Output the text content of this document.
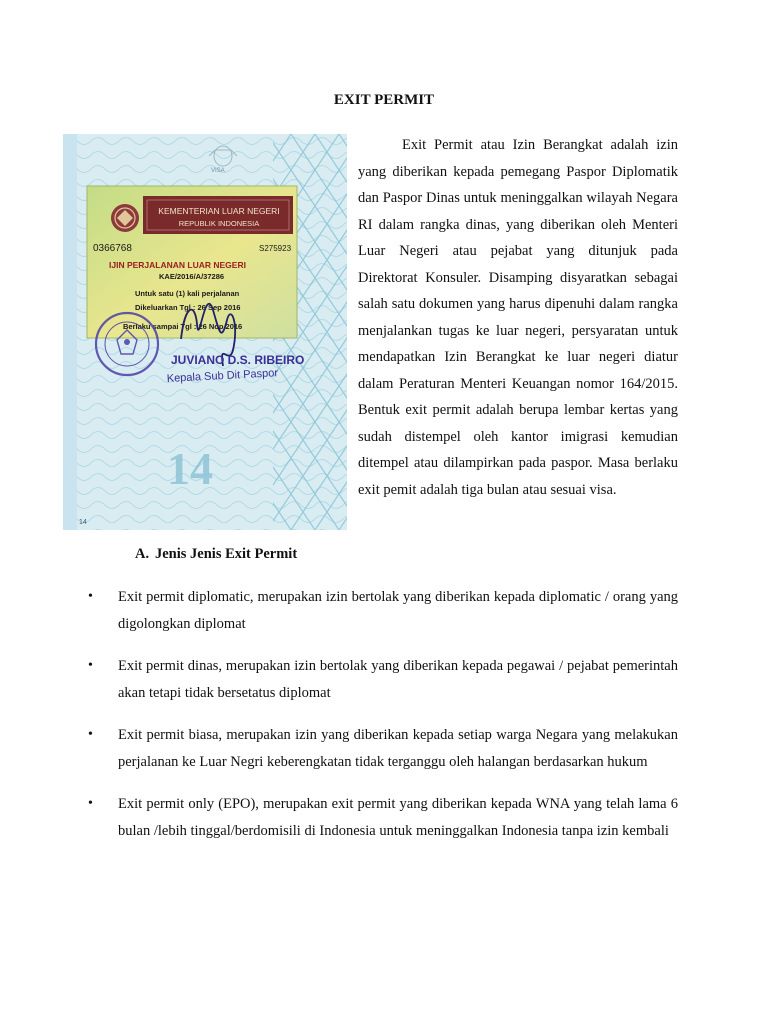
EXIT PERMIT
VISA
KEMENTERIAN LUAR NEGERI
REPUBLIK INDONESIA
0366768	S275923
IJIN PERJALANAN LUAR NEGERI
KAE/2016/A/37286
Untuk satu (1) kali perjalanan
Dikeluarkan Tgl : 26 Sep 2016
Berlaku sampai Tgl : 26 Nop 2016
JUVIANO D.S. RIBEIRO
Kepala Sub Dit Paspor
14
14

Exit Permit atau Izin Berangkat adalah izin yang diberikan kepada pemegang Paspor Diplomatik dan Paspor Dinas untuk meninggalkan wilayah Negara RI dalam rangka dinas, yang diberikan oleh Menteri Luar Negeri atau pejabat yang ditunjuk pada Direktorat Konsuler. Disamping disyaratkan sebagai salah satu dokumen yang harus dipenuhi dalam rangka menjalankan tugas ke luar negeri, persyaratan untuk mendapatkan Izin Berangkat ke luar negeri diatur dalam Peraturan Menteri Keuangan nomor 164/2015. Bentuk exit permit adalah berupa lembar kertas yang sudah distempel oleh kantor imigrasi kemudian ditempel atau dilampirkan pada paspor. Masa berlaku exit pemit adalah tiga bulan atau sesuai visa.

A. Jenis Jenis Exit Permit
• Exit permit diplomatic, merupakan izin bertolak yang diberikan kepada diplomatic / orang yang digolongkan diplomat
• Exit permit dinas, merupakan izin bertolak yang diberikan kepada pegawai / pejabat pemerintah akan tetapi tidak bersetatus diplomat
• Exit permit biasa, merupakan izin yang diberikan kepada setiap warga Negara yang melakukan perjalanan ke Luar Negri keberengkatan tidak terganggu oleh halangan berdasarkan hukum
• Exit permit only (EPO), merupakan exit permit yang diberikan kepada WNA yang telah lama 6 bulan /lebih tinggal/berdomisili di Indonesia untuk meninggalkan Indonesia tanpa izin kembali
